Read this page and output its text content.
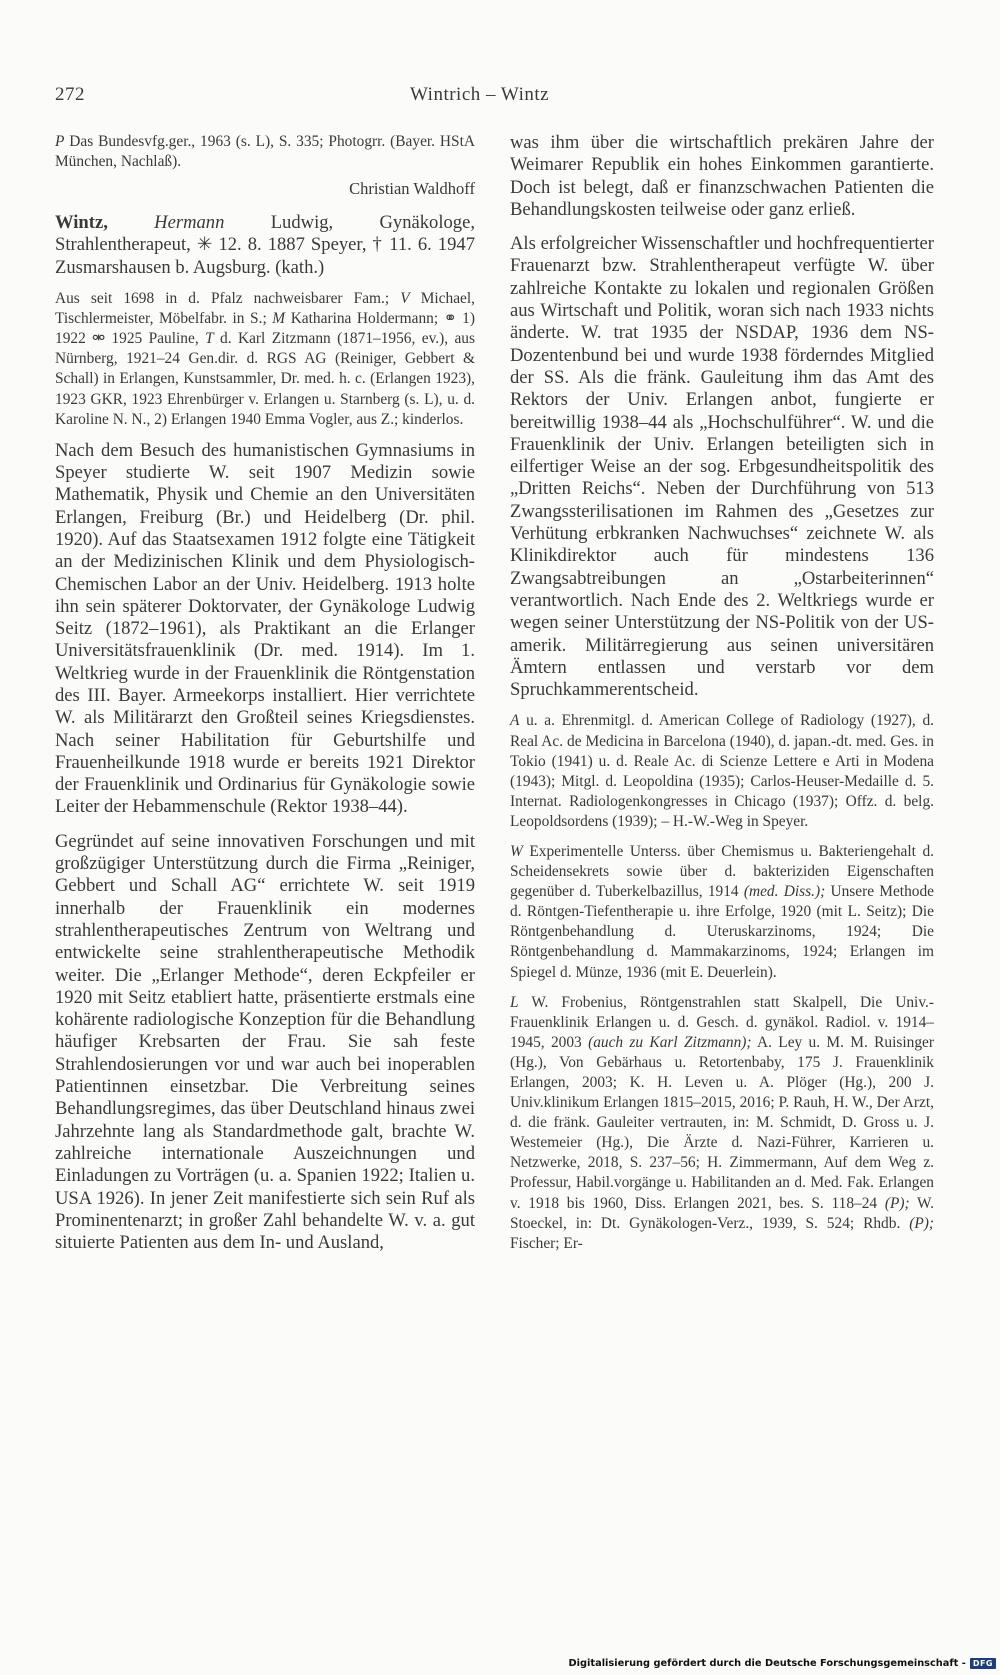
272	Wintrich – Wintz

P Das Bundesvfg.ger., 1963 (s. L), S. 335; Photogrr. (Bayer. HStA München, Nachlaß).

Christian Waldhoff

Wintz, Hermann Ludwig, Gynäkologe, Strahlentherapeut, ✳ 12. 8. 1887 Speyer, † 11. 6. 1947 Zusmarshausen b. Augsburg. (kath.)

Aus seit 1698 in d. Pfalz nachweisbarer Fam.; V Michael, Tischlermeister, Möbelfabr. in S.; M Katharina Holdermann; ⚭ 1) 1922 ⚮ 1925 Pauline, T d. Karl Zitzmann (1871–1956, ev.), aus Nürnberg, 1921–24 Gen.dir. d. RGS AG (Reiniger, Gebbert & Schall) in Erlangen, Kunstsammler, Dr. med. h. c. (Erlangen 1923), 1923 GKR, 1923 Ehrenbürger v. Erlangen u. Starnberg (s. L), u. d. Karoline N. N., 2) Erlangen 1940 Emma Vogler, aus Z.; kinderlos.

Nach dem Besuch des humanistischen Gymnasiums in Speyer studierte W. seit 1907 Medizin sowie Mathematik, Physik und Chemie an den Universitäten Erlangen, Freiburg (Br.) und Heidelberg (Dr. phil. 1920). Auf das Staatsexamen 1912 folgte eine Tätigkeit an der Medizinischen Klinik und dem Physiologisch-Chemischen Labor an der Univ. Heidelberg. 1913 holte ihn sein späterer Doktorvater, der Gynäkologe Ludwig Seitz (1872–1961), als Praktikant an die Erlanger Universitätsfrauenklinik (Dr. med. 1914). Im 1. Weltkrieg wurde in der Frauenklinik die Röntgenstation des III. Bayer. Armeekorps installiert. Hier verrichtete W. als Militärarzt den Großteil seines Kriegsdienstes. Nach seiner Habilitation für Geburtshilfe und Frauenheilkunde 1918 wurde er bereits 1921 Direktor der Frauenklinik und Ordinarius für Gynäkologie sowie Leiter der Hebammenschule (Rektor 1938–44).

Gegründet auf seine innovativen Forschungen und mit großzügiger Unterstützung durch die Firma „Reiniger, Gebbert und Schall AG“ errichtete W. seit 1919 innerhalb der Frauenklinik ein modernes strahlentherapeutisches Zentrum von Weltrang und entwickelte seine strahlentherapeutische Methodik weiter. Die „Erlanger Methode“, deren Eckpfeiler er 1920 mit Seitz etabliert hatte, präsentierte erstmals eine kohärente radiologische Konzeption für die Behandlung häufiger Krebsarten der Frau. Sie sah feste Strahlendosierungen vor und war auch bei inoperablen Patientinnen einsetzbar. Die Verbreitung seines Behandlungsregimes, das über Deutschland hinaus zwei Jahrzehnte lang als Standardmethode galt, brachte W. zahlreiche internationale Auszeichnungen und Einladungen zu Vorträgen (u. a. Spanien 1922; Italien u. USA 1926). In jener Zeit manifestierte sich sein Ruf als Prominentenarzt; in großer Zahl behandelte W. v. a. gut situierte Patienten aus dem In- und Ausland,

was ihm über die wirtschaftlich prekären Jahre der Weimarer Republik ein hohes Einkommen garantierte. Doch ist belegt, daß er finanzschwachen Patienten die Behandlungskosten teilweise oder ganz erließ.

Als erfolgreicher Wissenschaftler und hochfrequentierter Frauenarzt bzw. Strahlentherapeut verfügte W. über zahlreiche Kontakte zu lokalen und regionalen Größen aus Wirtschaft und Politik, woran sich nach 1933 nichts änderte. W. trat 1935 der NSDAP, 1936 dem NS-Dozentenbund bei und wurde 1938 förderndes Mitglied der SS. Als die fränk. Gauleitung ihm das Amt des Rektors der Univ. Erlangen anbot, fungierte er bereitwillig 1938–44 als „Hochschulführer“. W. und die Frauenklinik der Univ. Erlangen beteiligten sich in eilfertiger Weise an der sog. Erbgesundheitspolitik des „Dritten Reichs“. Neben der Durchführung von 513 Zwangssterilisationen im Rahmen des „Gesetzes zur Verhütung erbkranken Nachwuchses“ zeichnete W. als Klinikdirektor auch für mindestens 136 Zwangsabtreibungen an „Ostarbeiterinnen“ verantwortlich. Nach Ende des 2. Weltkriegs wurde er wegen seiner Unterstützung der NS-Politik von der US-amerik. Militärregierung aus seinen universitären Ämtern entlassen und verstarb vor dem Spruchkammerentscheid.

A u. a. Ehrenmitgl. d. American College of Radiology (1927), d. Real Ac. de Medicina in Barcelona (1940), d. japan.-dt. med. Ges. in Tokio (1941) u. d. Reale Ac. di Scienze Lettere e Arti in Modena (1943); Mitgl. d. Leopoldina (1935); Carlos-Heuser-Medaille d. 5. Internat. Radiologenkongresses in Chicago (1937); Offz. d. belg. Leopoldsordens (1939); – H.-W.-Weg in Speyer.

W Experimentelle Unterss. über Chemismus u. Bakteriengehalt d. Scheidensekrets sowie über d. bakteriziden Eigenschaften gegenüber d. Tuberkelbazillus, 1914 (med. Diss.); Unsere Methode d. Röntgen-Tiefentherapie u. ihre Erfolge, 1920 (mit L. Seitz); Die Röntgenbehandlung d. Uteruskarzinoms, 1924; Die Röntgenbehandlung d. Mammakarzinoms, 1924; Erlangen im Spiegel d. Münze, 1936 (mit E. Deuerlein).

L W. Frobenius, Röntgenstrahlen statt Skalpell, Die Univ.-Frauenklinik Erlangen u. d. Gesch. d. gynäkol. Radiol. v. 1914–1945, 2003 (auch zu Karl Zitzmann); A. Ley u. M. M. Ruisinger (Hg.), Von Gebärhaus u. Retortenbaby, 175 J. Frauenklinik Erlangen, 2003; K. H. Leven u. A. Plöger (Hg.), 200 J. Univ.klinikum Erlangen 1815–2015, 2016; P. Rauh, H. W., Der Arzt, d. die fränk. Gauleiter vertrauten, in: M. Schmidt, D. Gross u. J. Westemeier (Hg.), Die Ärzte d. Nazi-Führer, Karrieren u. Netzwerke, 2018, S. 237–56; H. Zimmermann, Auf dem Weg z. Professur, Habil.vorgänge u. Habilitanden an d. Med. Fak. Erlangen v. 1918 bis 1960, Diss. Erlangen 2021, bes. S. 118–24 (P); W. Stoeckel, in: Dt. Gynäkologen-Verz., 1939, S. 524; Rhdb. (P); Fischer; Er-

Digitalisierung gefördert durch die Deutsche Forschungsgemeinschaft - DFG
